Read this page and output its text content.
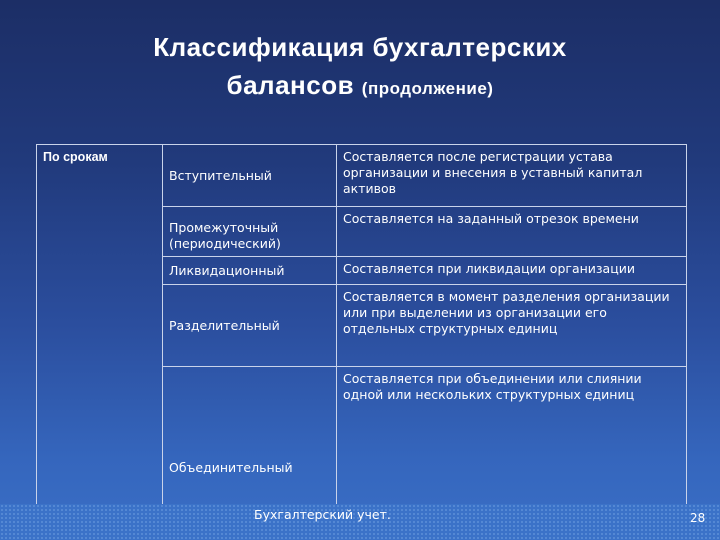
Классификация бухгалтерских
балансов (продолжение)
По срокам	Вступительный	Составляется после регистрации устава организации и внесения в уставный капитал активов
	Промежуточный (периодический)	Составляется на заданный отрезок времени
	Ликвидационный	Составляется при ликвидации организации
	Разделительный	Составляется в момент разделения организации или при выделении из организации его отдельных структурных единиц
	Объединительный	Составляется при объединении или слиянии одной или нескольких структурных единиц
Бухгалтерский учет.	28
